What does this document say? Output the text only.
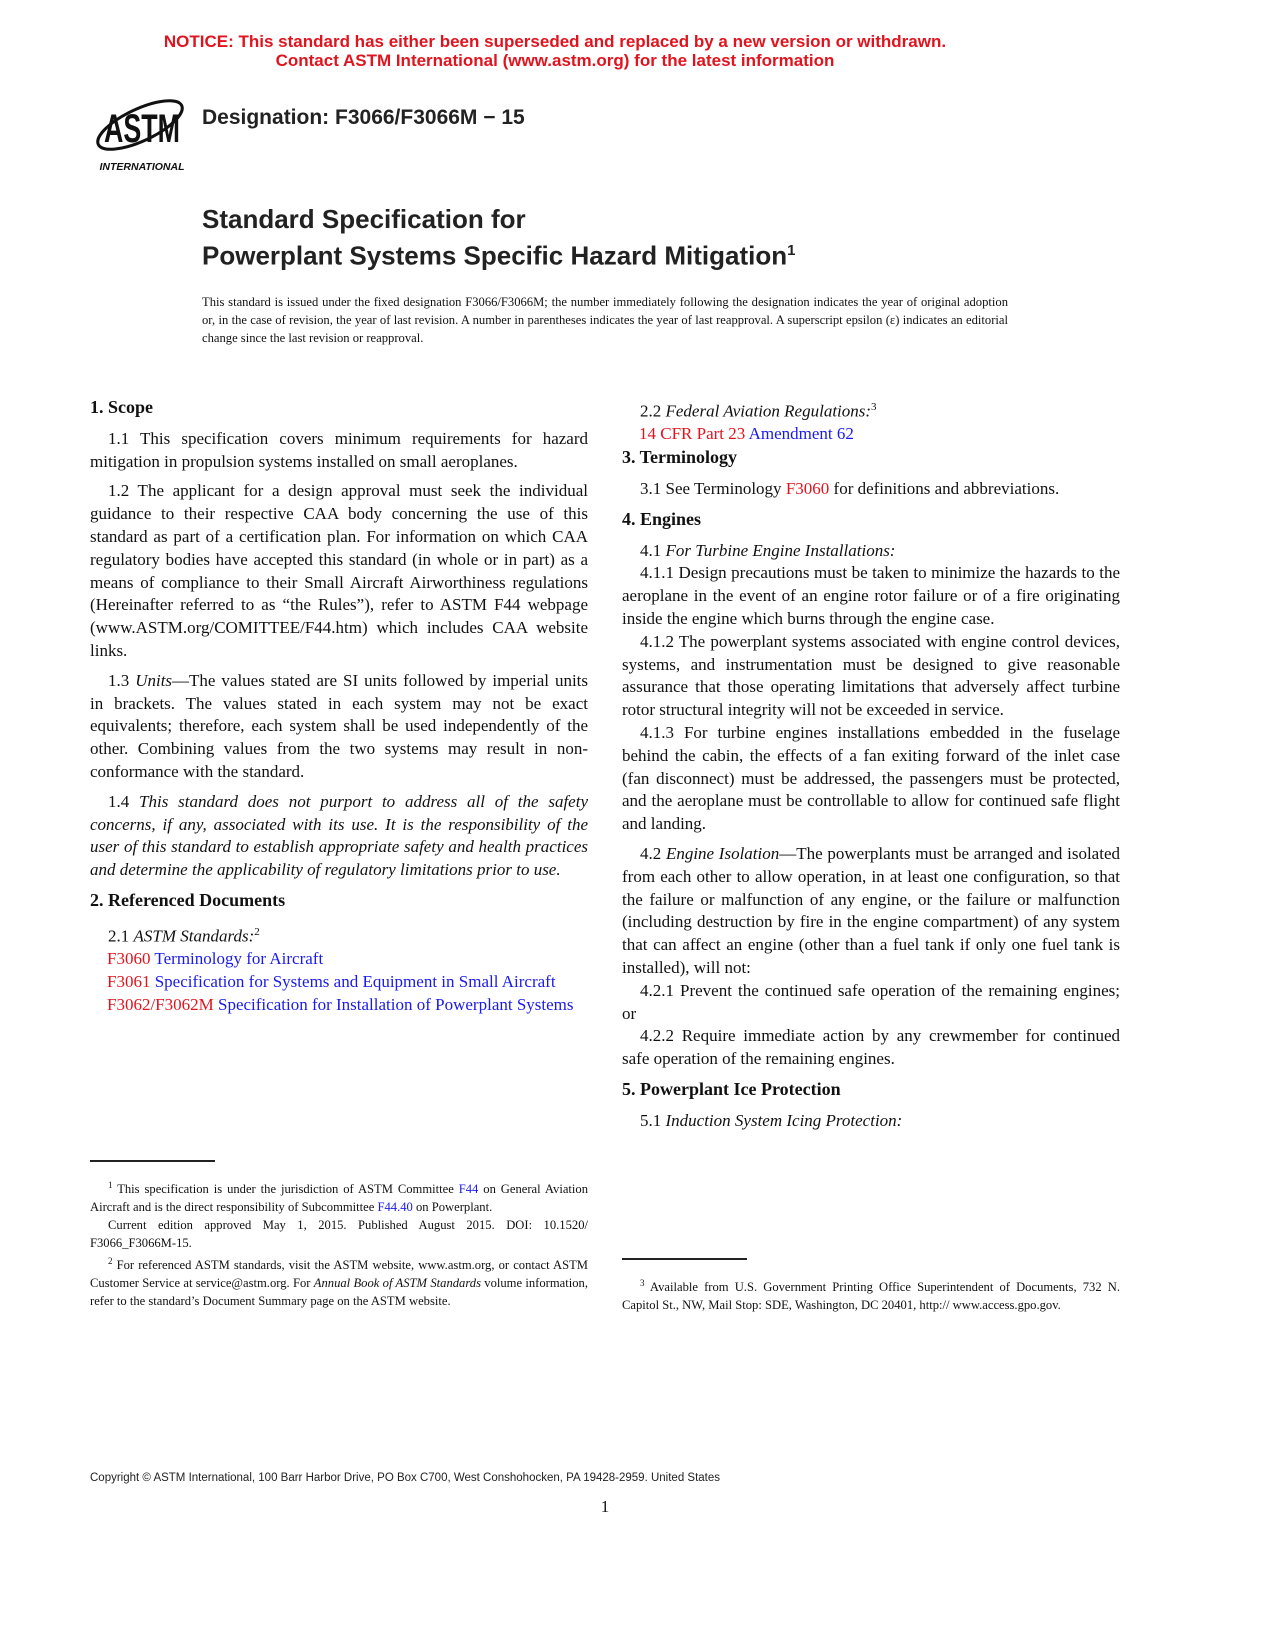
NOTICE: This standard has either been superseded and replaced by a new version or withdrawn.
Contact ASTM International (www.astm.org) for the latest information
ASTM
INTERNATIONAL
Designation: F3066/F3066M − 15
Standard Specification for
Powerplant Systems Specific Hazard Mitigation$^1$
This standard is issued under the fixed designation F3066/F3066M; the number immediately following the designation indicates the year of original adoption or, in the case of revision, the year of last revision. A number in parentheses indicates the year of last reapproval. A superscript epsilon (ε) indicates an editorial change since the last revision or reapproval.
1. Scope

1.1 This specification covers minimum requirements for hazard mitigation in propulsion systems installed on small aeroplanes.

1.2 The applicant for a design approval must seek the individual guidance to their respective CAA body concerning the use of this standard as part of a certification plan. For information on which CAA regulatory bodies have accepted this standard (in whole or in part) as a means of compliance to their Small Aircraft Airworthiness regulations (Hereinafter referred to as “the Rules”), refer to ASTM F44 webpage (www.ASTM.org/COMITTEE/F44.htm) which includes CAA website links.

1.3 Units—The values stated are SI units followed by imperial units in brackets. The values stated in each system may not be exact equivalents; therefore, each system shall be used independently of the other. Combining values from the two systems may result in non-conformance with the standard.

1.4 This standard does not purport to address all of the safety concerns, if any, associated with its use. It is the responsibility of the user of this standard to establish appropriate safety and health practices and determine the applicability of regulatory limitations prior to use.

2. Referenced Documents

2.1 ASTM Standards:$^2$

F3060 Terminology for Aircraft

F3061 Specification for Systems and Equipment in Small Aircraft

F3062/F3062M Specification for Installation of Powerplant Systems

2.2 Federal Aviation Regulations:$^3$

14 CFR Part 23 Amendment 62

3. Terminology

3.1 See Terminology F3060 for definitions and abbreviations.

4. Engines

4.1 For Turbine Engine Installations:

4.1.1 Design precautions must be taken to minimize the hazards to the aeroplane in the event of an engine rotor failure or of a fire originating inside the engine which burns through the engine case.

4.1.2 The powerplant systems associated with engine control devices, systems, and instrumentation must be designed to give reasonable assurance that those operating limitations that adversely affect turbine rotor structural integrity will not be exceeded in service.

4.1.3 For turbine engines installations embedded in the fuselage behind the cabin, the effects of a fan exiting forward of the inlet case (fan disconnect) must be addressed, the passengers must be protected, and the aeroplane must be controllable to allow for continued safe flight and landing.

4.2 Engine Isolation—The powerplants must be arranged and isolated from each other to allow operation, in at least one configuration, so that the failure or malfunction of any engine, or the failure or malfunction (including destruction by fire in the engine compartment) of any system that can affect an engine (other than a fuel tank if only one fuel tank is installed), will not:

4.2.1 Prevent the continued safe operation of the remaining engines; or

4.2.2 Require immediate action by any crewmember for continued safe operation of the remaining engines.

5. Powerplant Ice Protection

5.1 Induction System Icing Protection:

$^1$ This specification is under the jurisdiction of ASTM Committee F44 on General Aviation Aircraft and is the direct responsibility of Subcommittee F44.40 on Powerplant.

Current edition approved May 1, 2015. Published August 2015. DOI: 10.1520/ F3066_F3066M-15.

$^2$ For referenced ASTM standards, visit the ASTM website, www.astm.org, or contact ASTM Customer Service at service@astm.org. For Annual Book of ASTM Standards volume information, refer to the standard’s Document Summary page on the ASTM website.

$^3$ Available from U.S. Government Printing Office Superintendent of Documents, 732 N. Capitol St., NW, Mail Stop: SDE, Washington, DC 20401, http:// www.access.gpo.gov.

Copyright © ASTM International, 100 Barr Harbor Drive, PO Box C700, West Conshohocken, PA 19428-2959. United States
1
